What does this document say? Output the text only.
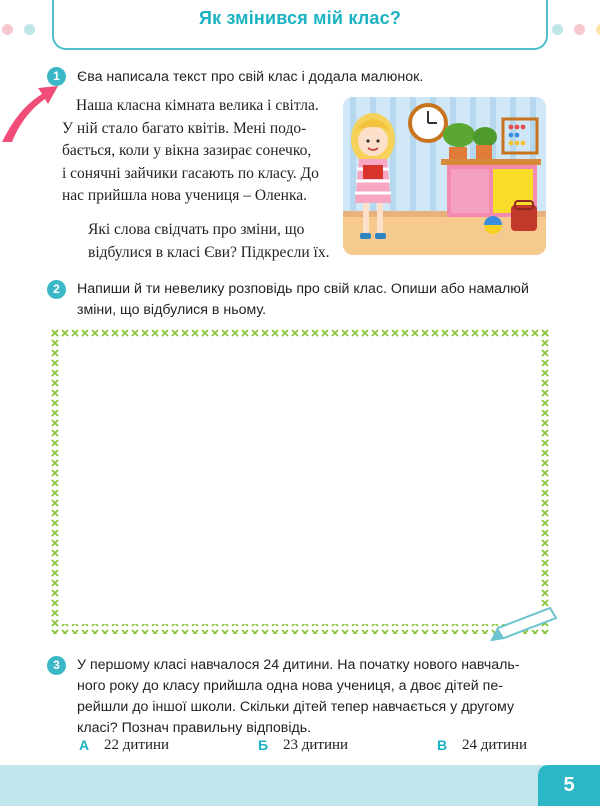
Як змінився мій клас?
1	Єва написала текст про свій клас і додала малюнок.
Наша класна кімната велика і світла.
У ній стало багато квітів. Мені подо-
бається, коли у вікна зазирає сонечко,
і сонячні зайчики гасають по класу. До
нас прийшла нова учениця – Оленка.
Які слова свідчать про зміни, що
відбулися в класі Єви? Підкресли їх.
2	Напиши й ти невелику розповідь про свій клас. Опиши або намалюй
зміни, що відбулися в ньому.
3	У першому класі навчалося 24 дитини. На початку нового навчаль-
ного року до класу прийшла одна нова учениця, а двоє дітей пе-
рейшли до іншої школи. Скільки дітей тепер навчається у другому
класі? Познач правильну відповідь.
А 22 дитини	Б 23 дитини	В 24 дитини
5
